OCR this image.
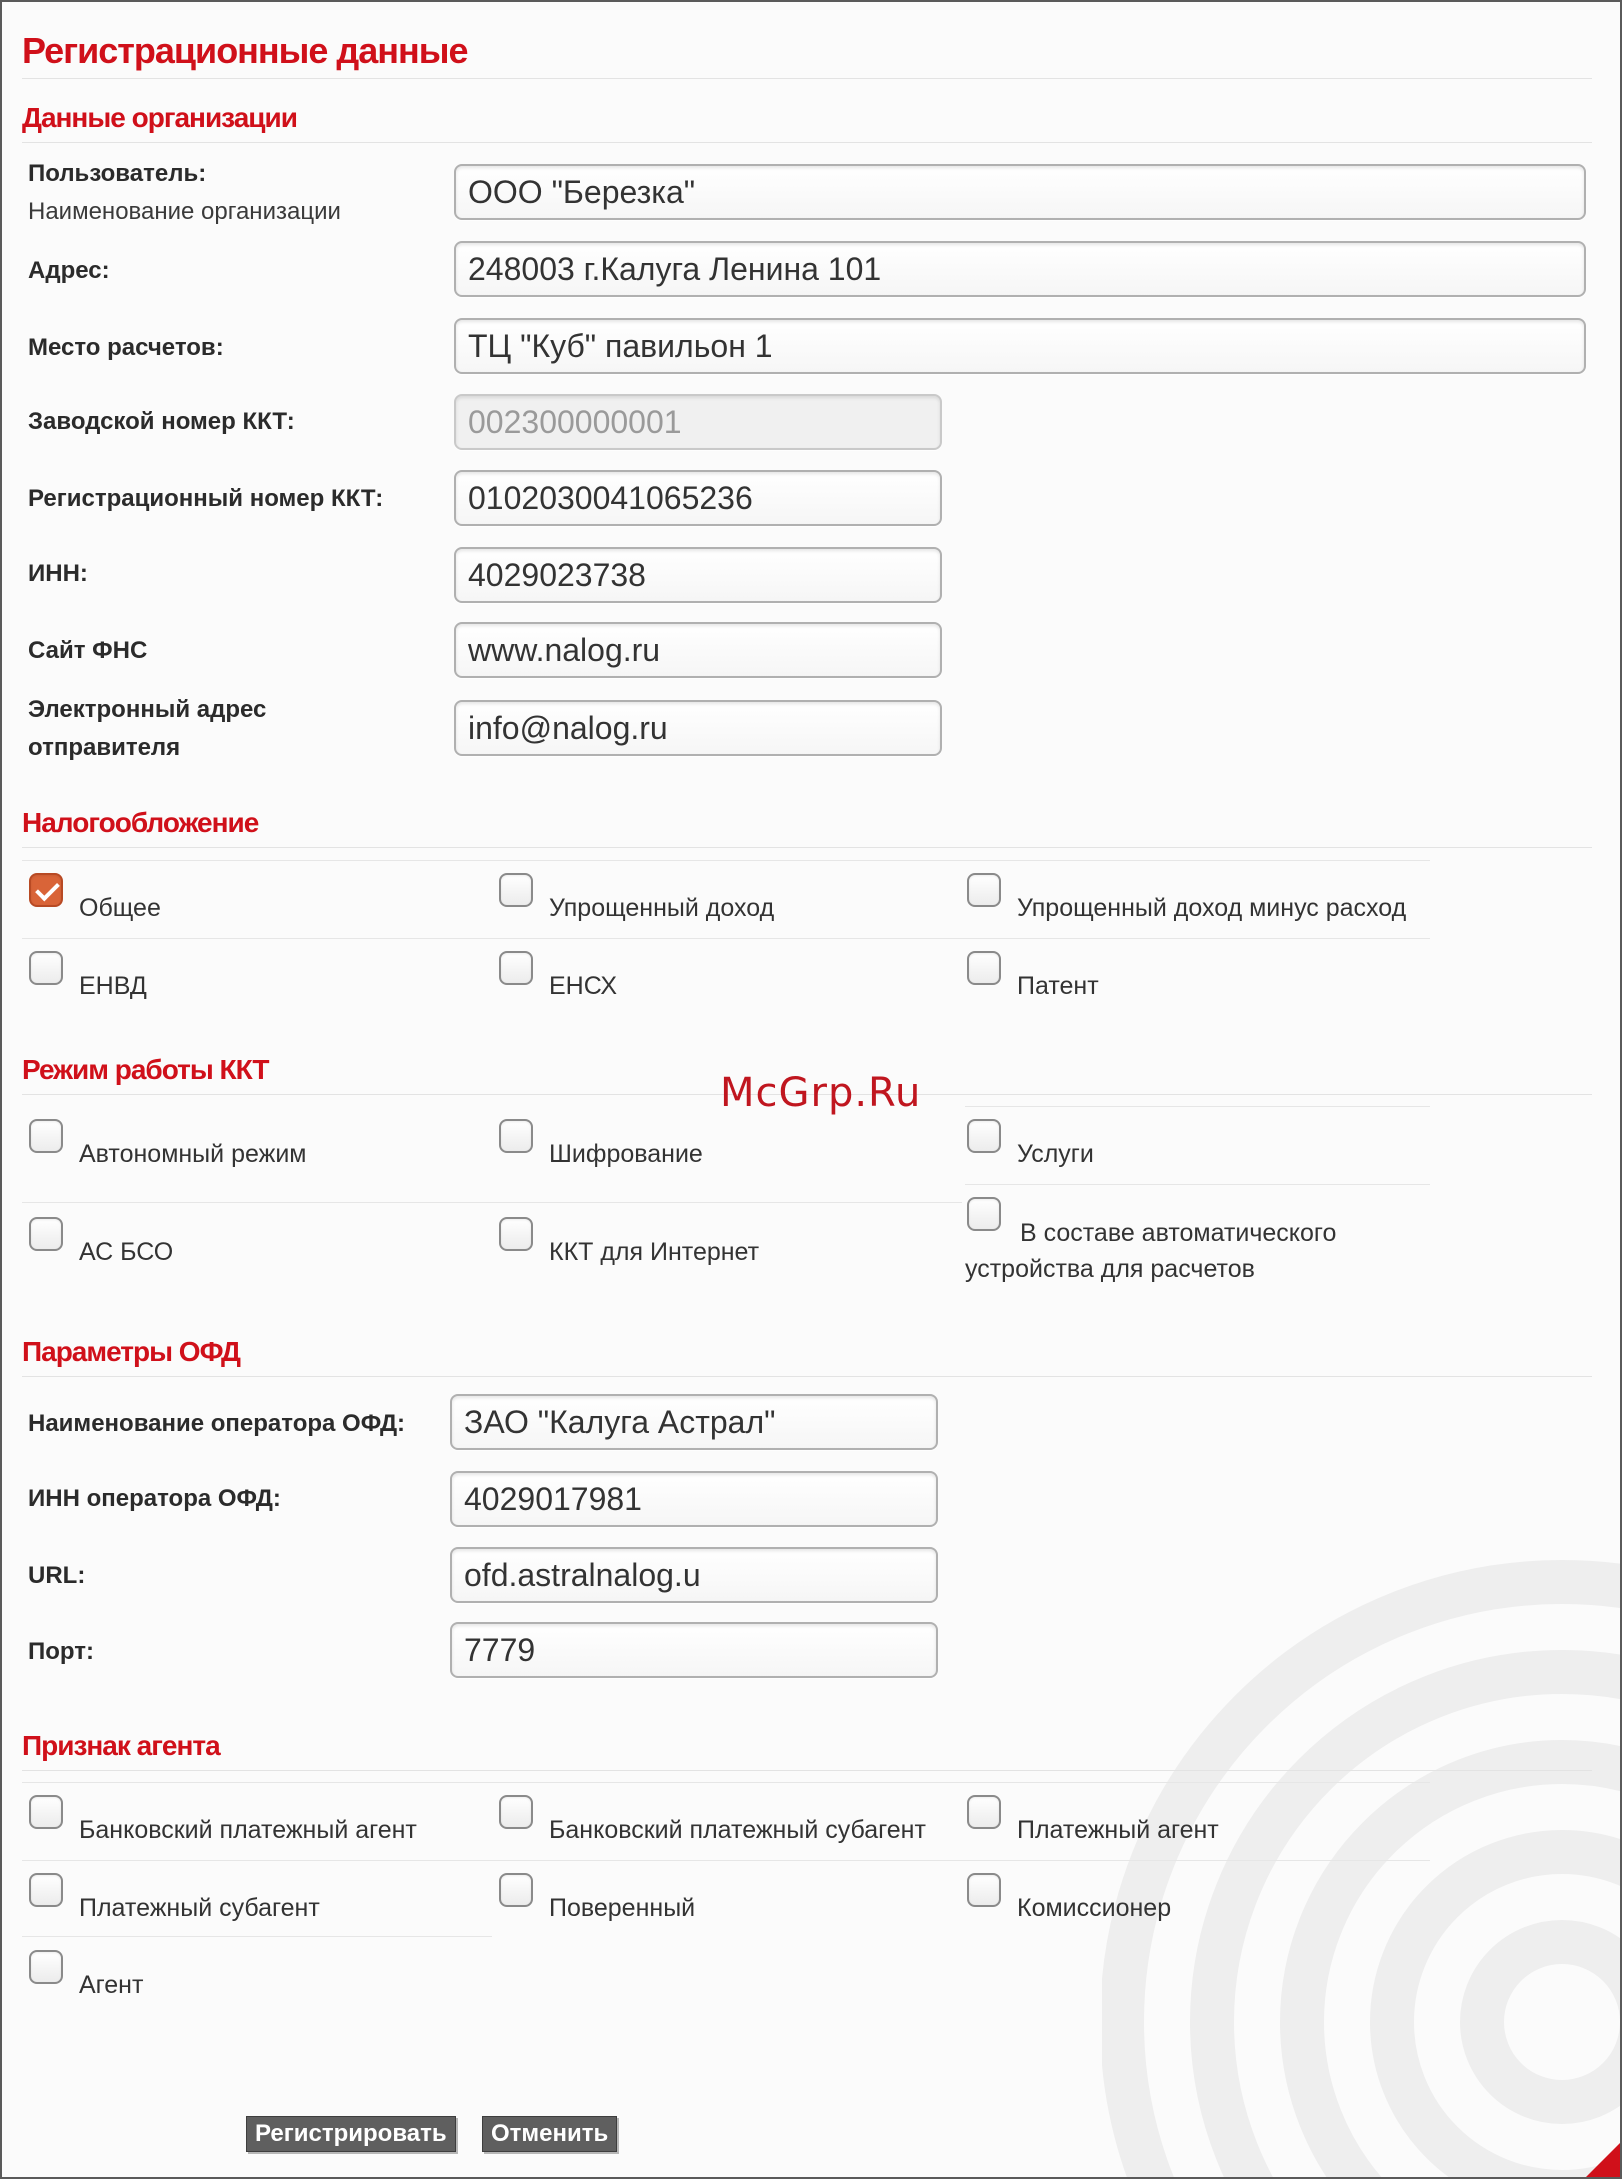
Регистрационные данные
Данные организации
Пользователь:
Наименование организации
ООО "Березка"
Адрес:	248003 г.Калуга Ленина 101
Место расчетов:	ТЦ "Куб" павильон 1
Заводской номер ККТ:	002300000001
Регистрационный номер ККТ:	0102030041065236
ИНН:	4029023738
Сайт ФНС	www.nalog.ru
Электронный адрес
отправителя
info@nalog.ru
Налогообложение
Общее	Упрощенный доход	Упрощенный доход минус расход
ЕНВД	ЕНСХ	Патент
Режим работы ККТ
McGrp.Ru
Автономный режим	Шифрование	Услуги
АС БСО	ККТ для Интернет
В составе автоматического устройства для расчетов
Параметры ОФД
Наименование оператора ОФД:	ЗАО "Калуга Астрал"
ИНН оператора ОФД:	4029017981
URL:	ofd.astralnalog.u
Порт:	7779
Признак агента
Банковский платежный агент	Банковский платежный субагент	Платежный агент
Платежный субагент	Поверенный	Комиссионер
Агент
Регистрировать	Отменить
